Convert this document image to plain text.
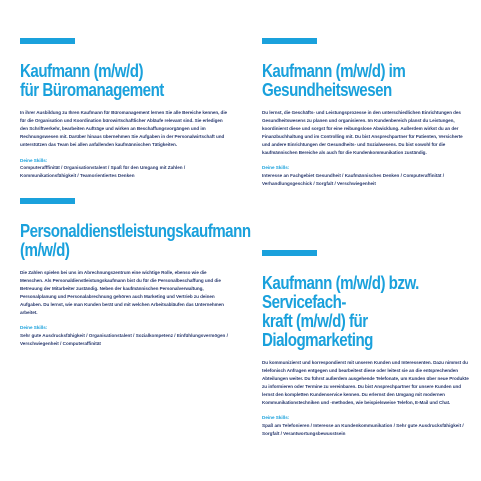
Kaufmann (m/w/d)
für Büromanagement
In ihrer Ausbildung zu Ihren Kaufmann für Büromanagement lernen Sie alle Bereiche kennen, die für die Organisation und Koordination bürowirtschaftlicher Abläufe relevant sind. Sie erledigen den Schriftverkehr, bearbeiten Aufträge und wirken an Beschaffungsvorgängen und im Rechnungswesen mit. Darüber hinaus übernehmen Sie Aufgaben in der Personalwirtschaft und unterstützen das Team bei allen anfallenden kaufmännischen Tätigkeiten.
Deine Skills:
Computerafffinität / Organisationstalent / Spaß für den Umgang mit Zahlen / Kommunikationsfähigkeit / Teamorientiertes Denken
Kaufmann (m/w/d) im
Gesundheitswesen
Du lernst, die Geschäfts- und Leistungsprozesse in den unterschiedlichen Einrichtungen des Gesundheitswesens zu planen und organisieren. Im Kundenbereich planst du Leistungen, koordinierst diese und sorgst für eine reibungslose Abwicklung. Außerdem wirkst du an der Finanzbuchhaltung und im Controlling mit. Du bist Ansprechpartner für Patienten, Versicherte und andere Einrichtungen der Gesundheits- und Sozialwesens. Du bist sowohl für die kaufmännischen Bereiche als auch für die Kundenkommunikation zuständig.
Deine Skills:
Interesse an Fachgebiet Gesundheit / Kaufmännisches Denken / Computeraffinität / Verhandlungsgeschick / Sorgfalt / Verschwiegenheit
Personaldienstleistungskaufmann
(m/w/d)
Die Zahlen spielen bei uns im Abrechnungszentrum eine wichtige Rolle, ebenso wie die Menschen. Als Personaldienstleistungskaufmann bist du für die Personalbeschaffung und die Betreuung der Mitarbeiter zuständig. Neben der kaufmännischen Personalverwaltung, Personalplanung und Personalabrechnung gehören auch Marketing und Vertrieb zu deinen Aufgaben. Du lernst, wie man Kunden berät und mit welchen Arbeitsabläufen das Unternehmen arbeitet.
Deine Skills:
Sehr gute Ausdrucksfähigkeit / Organisationstalent / Sozialkompetenz / Einfühlungsvermögen / Verschwiegenheit / Computeraffinität
Kaufmann (m/w/d) bzw. Servicefach-
kraft (m/w/d) für Dialogmarketing
Du kommunizierst und korrespondierst mit unseren Kunden und Interessenten. Dazu nimmst du telefonisch Anfragen entgegen und bearbeitest diese oder leitest sie an die entsprechenden Abteilungen weiter. Du führst außerdem ausgehende Telefonate, um Kunden über neue Produkte zu informieren oder Termine zu vereinbaren. Du bist Ansprechpartner für unsere Kunden und lernst den kompletten Kundenservice kennen. Du erlernst den Umgang mit modernen Kommunikationstechniken und -methoden, wie beispielsweise Telefon, E-Mail und Chat.
Deine Skills:
Spaß am Telefonieren / Interesse an Kundenkommunikation / Sehr gute Ausdrucksfähigkeit / Sorgfalt / Verantwortungsbewusstsein
